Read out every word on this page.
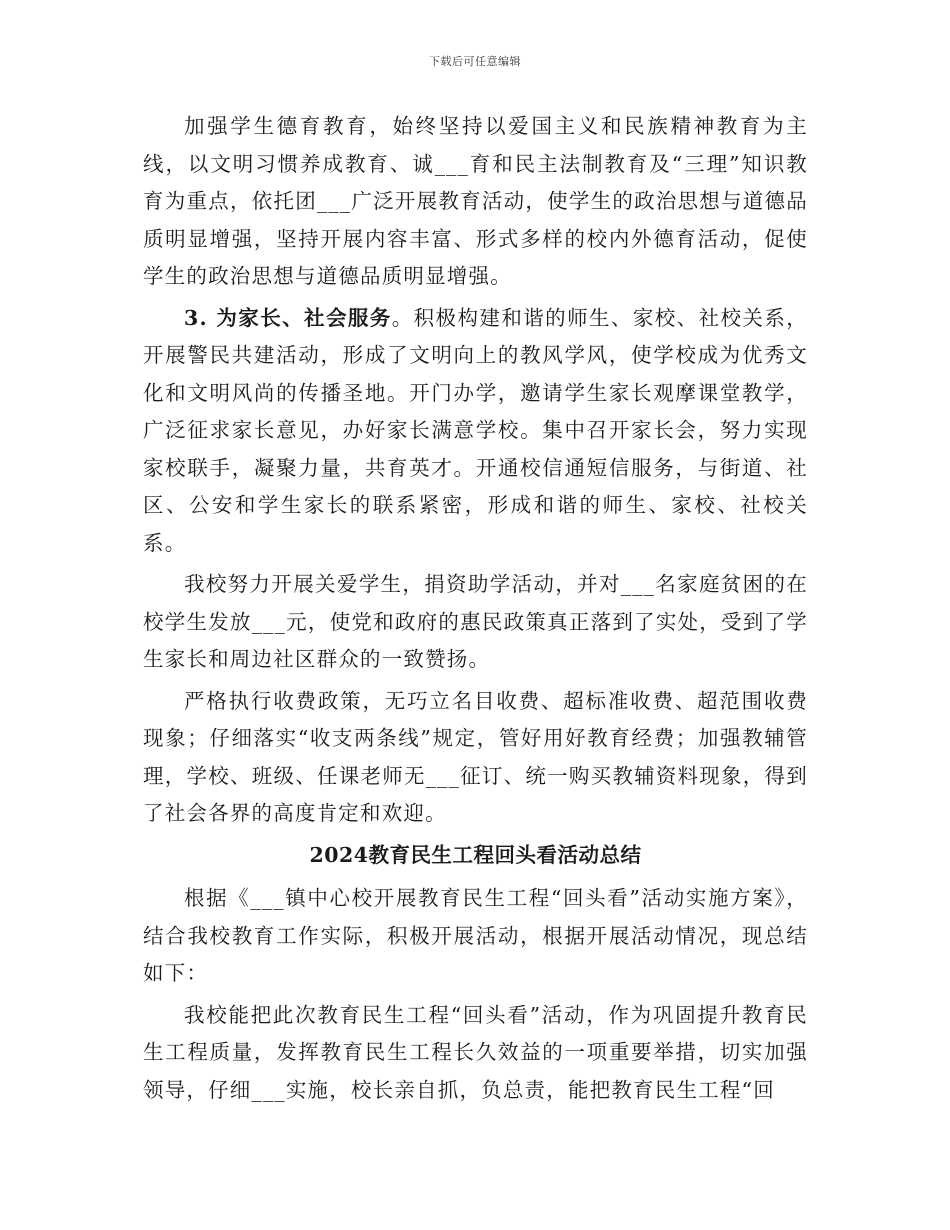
下载后可任意编辑

加强学生德育教育，始终坚持以爱国主义和民族精神教育为主线，以文明习惯养成教育、诚___育和民主法制教育及“三理”知识教育为重点，依托团___广泛开展教育活动，使学生的政治思想与道德品质明显增强，坚持开展内容丰富、形式多样的校内外德育活动，促使学生的政治思想与道德品质明显增强。

3. 为家长、社会服务。积极构建和谐的师生、家校、社校关系，开展警民共建活动，形成了文明向上的教风学风，使学校成为优秀文化和文明风尚的传播圣地。开门办学，邀请学生家长观摩课堂教学，广泛征求家长意见，办好家长满意学校。集中召开家长会，努力实现家校联手，凝聚力量，共育英才。开通校信通短信服务，与街道、社区、公安和学生家长的联系紧密，形成和谐的师生、家校、社校关系。

我校努力开展关爱学生，捐资助学活动，并对___名家庭贫困的在校学生发放___元，使党和政府的惠民政策真正落到了实处，受到了学生家长和周边社区群众的一致赞扬。

严格执行收费政策，无巧立名目收费、超标准收费、超范围收费现象；仔细落实“收支两条线”规定，管好用好教育经费；加强教辅管理，学校、班级、任课老师无___征订、统一购买教辅资料现象，得到了社会各界的高度肯定和欢迎。

2024教育民生工程回头看活动总结

根据《___镇中心校开展教育民生工程“回头看”活动实施方案》，结合我校教育工作实际，积极开展活动，根据开展活动情况，现总结如下：

我校能把此次教育民生工程“回头看”活动，作为巩固提升教育民生工程质量，发挥教育民生工程长久效益的一项重要举措，切实加强领导，仔细___实施，校长亲自抓，负总责，能把教育民生工程“回
